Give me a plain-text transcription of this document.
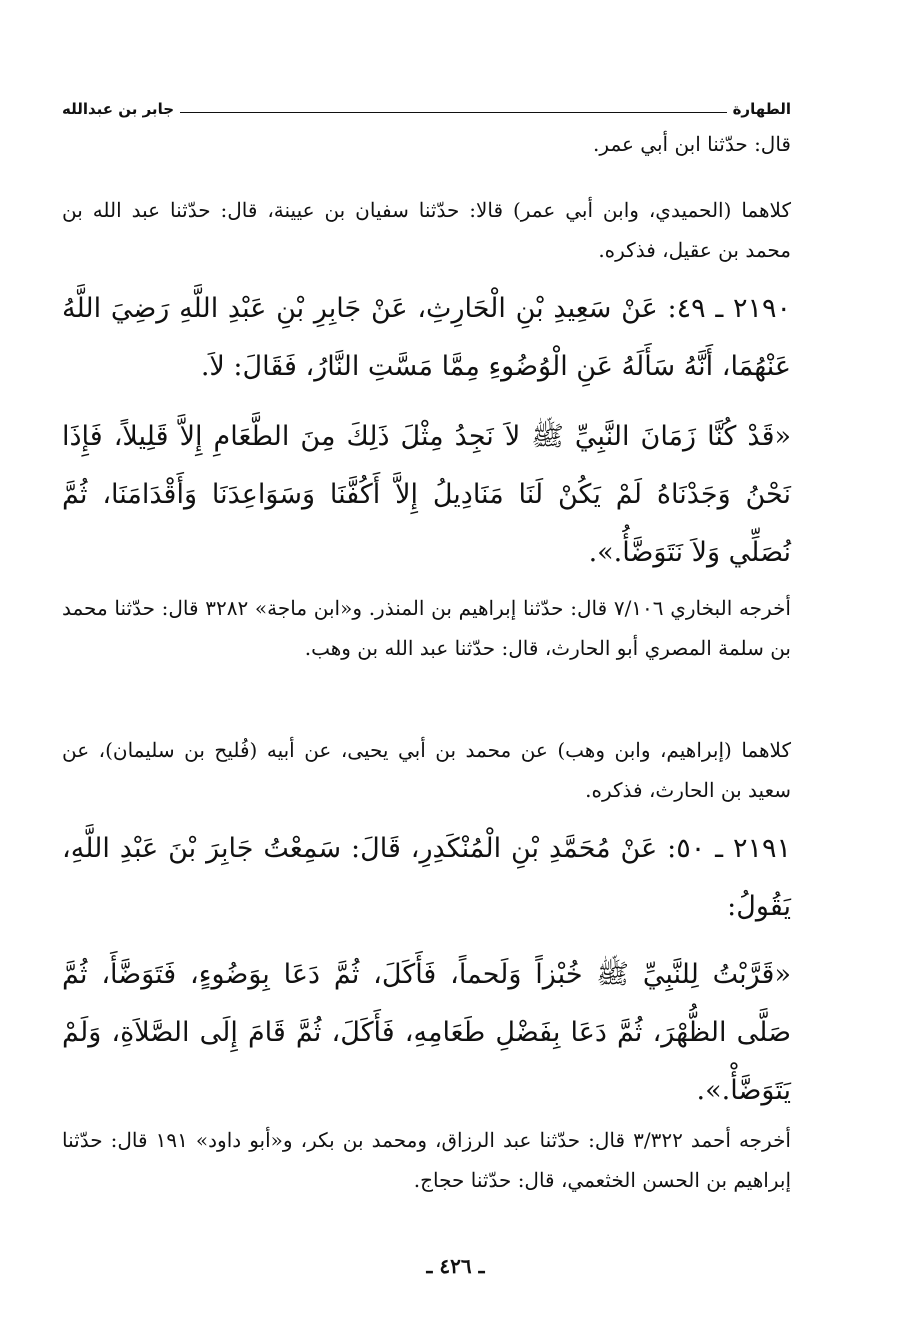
الطهارة
جابر بن عبدالله

قال: حدّثنا ابن أبي عمر.

كلاهما (الحميدي، وابن أبي عمر) قالا: حدّثنا سفيان بن عيينة، قال: حدّثنا عبد الله بن محمد بن عقيل، فذكره.

٢١٩٠ ـ ٤٩: عَنْ سَعِيدِ بْنِ الْحَارِثِ، عَنْ جَابِرِ بْنِ عَبْدِ اللَّهِ رَضِيَ اللَّهُ عَنْهُمَا، أَنَّهُ سَأَلَهُ عَنِ الْوُضُوءِ مِمَّا مَسَّتِ النَّارُ، فَقَالَ: لاَ.

«قَدْ كُنَّا زَمَانَ النَّبِيِّ ﷺ لاَ نَجِدُ مِثْلَ ذَلِكَ مِنَ الطَّعَامِ إِلاَّ قَلِيلاً، فَإِذَا نَحْنُ وَجَدْنَاهُ لَمْ يَكُنْ لَنَا مَنَادِيلُ إِلاَّ أَكُفَّنَا وَسَوَاعِدَنَا وَأَقْدَامَنَا، ثُمَّ نُصَلِّي وَلاَ نَتَوَضَّأُ.».

أخرجه البخاري ٧/١٠٦ قال: حدّثنا إبراهيم بن المنذر. و«ابن ماجة» ٣٢٨٢ قال: حدّثنا محمد بن سلمة المصري أبو الحارث، قال: حدّثنا عبد الله بن وهب.

كلاهما (إبراهيم، وابن وهب) عن محمد بن أبي يحيى، عن أبيه (فُليح بن سليمان)، عن سعيد بن الحارث، فذكره.

٢١٩١ ـ ٥٠: عَنْ مُحَمَّدِ بْنِ الْمُنْكَدِرِ، قَالَ: سَمِعْتُ جَابِرَ بْنَ عَبْدِ اللَّهِ، يَقُولُ:

«قَرَّبْتُ لِلنَّبِيِّ ﷺ خُبْزاً وَلَحماً، فَأَكَلَ، ثُمَّ دَعَا بِوَضُوءٍ، فَتَوَضَّأَ، ثُمَّ صَلَّى الظُّهْرَ، ثُمَّ دَعَا بِفَضْلِ طَعَامِهِ، فَأَكَلَ، ثُمَّ قَامَ إِلَى الصَّلاَةِ، وَلَمْ يَتَوَضَّأْ.».

أخرجه أحمد ٣/٣٢٢ قال: حدّثنا عبد الرزاق، ومحمد بن بكر، و«أبو داود» ١٩١ قال: حدّثنا إبراهيم بن الحسن الخثعمي، قال: حدّثنا حجاج.

ـ ٤٢٦ ـ
